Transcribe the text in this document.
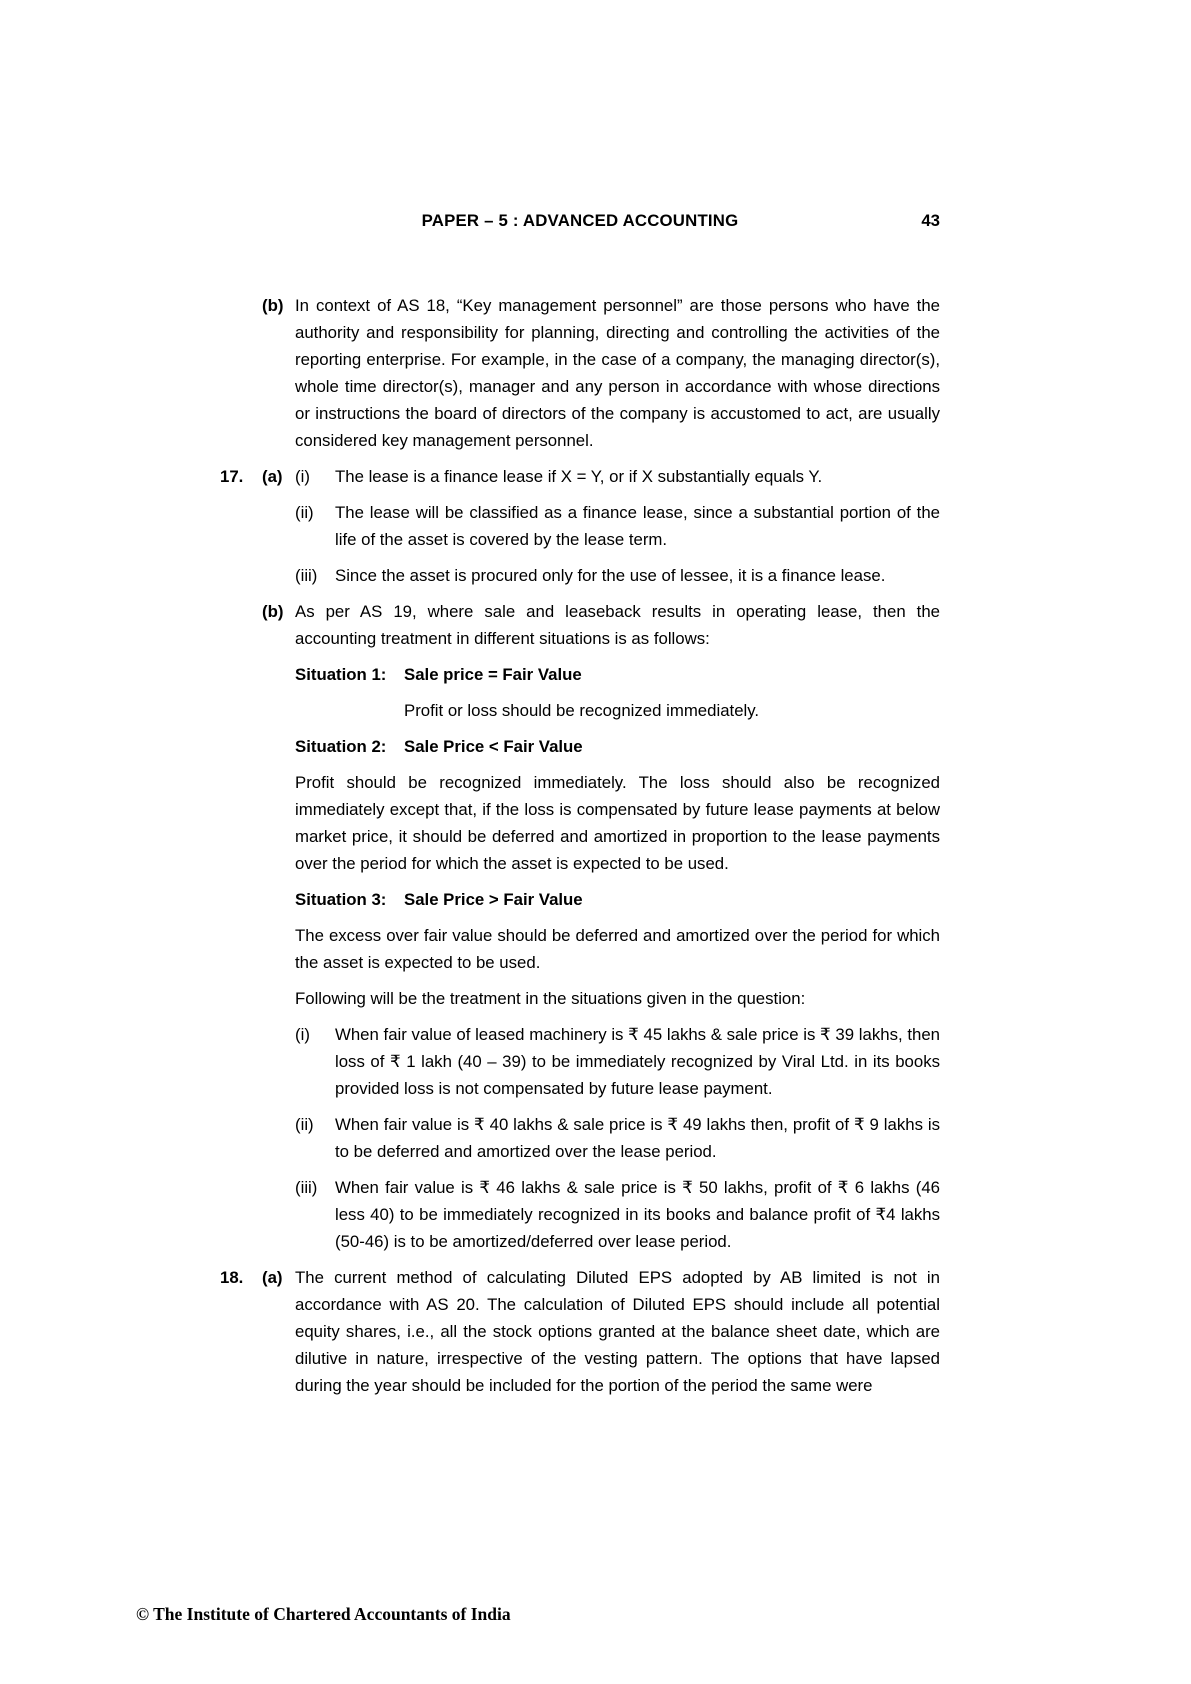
PAPER – 5 : ADVANCED ACCOUNTING	43
(b) In context of AS 18, “Key management personnel” are those persons who have the authority and responsibility for planning, directing and controlling the activities of the reporting enterprise. For example, in the case of a company, the managing director(s), whole time director(s), manager and any person in accordance with whose directions or instructions the board of directors of the company is accustomed to act, are usually considered key management personnel.
17.	(a) (i)	The lease is a finance lease if X = Y, or if X substantially equals Y.
(ii)	The lease will be classified as a finance lease, since a substantial portion of the life of the asset is covered by the lease term.
(iii)	Since the asset is procured only for the use of lessee, it is a finance lease.
(b) As per AS 19, where sale and leaseback results in operating lease, then the accounting treatment in different situations is as follows:
Situation 1:	Sale price = Fair Value
Profit or loss should be recognized immediately.
Situation 2:	Sale Price < Fair Value
Profit should be recognized immediately. The loss should also be recognized immediately except that, if the loss is compensated by future lease payments at below market price, it should be deferred and amortized in proportion to the lease payments over the period for which the asset is expected to be used.
Situation 3:	Sale Price > Fair Value
The excess over fair value should be deferred and amortized over the period for which the asset is expected to be used.
Following will be the treatment in the situations given in the question:
(i)	When fair value of leased machinery is ₹ 45 lakhs & sale price is ₹ 39 lakhs, then loss of ₹ 1 lakh (40 – 39) to be immediately recognized by Viral Ltd. in its books provided loss is not compensated by future lease payment.
(ii)	When fair value is ₹ 40 lakhs & sale price is ₹ 49 lakhs then, profit of ₹ 9 lakhs is to be deferred and amortized over the lease period.
(iii)	When fair value is ₹ 46 lakhs & sale price is ₹ 50 lakhs, profit of ₹ 6 lakhs (46 less 40) to be immediately recognized in its books and balance profit of ₹4 lakhs (50-46) is to be amortized/deferred over lease period.
18.	(a) The current method of calculating Diluted EPS adopted by AB limited is not in accordance with AS 20. The calculation of Diluted EPS should include all potential equity shares, i.e., all the stock options granted at the balance sheet date, which are dilutive in nature, irrespective of the vesting pattern. The options that have lapsed during the year should be included for the portion of the period the same were
© The Institute of Chartered Accountants of India
